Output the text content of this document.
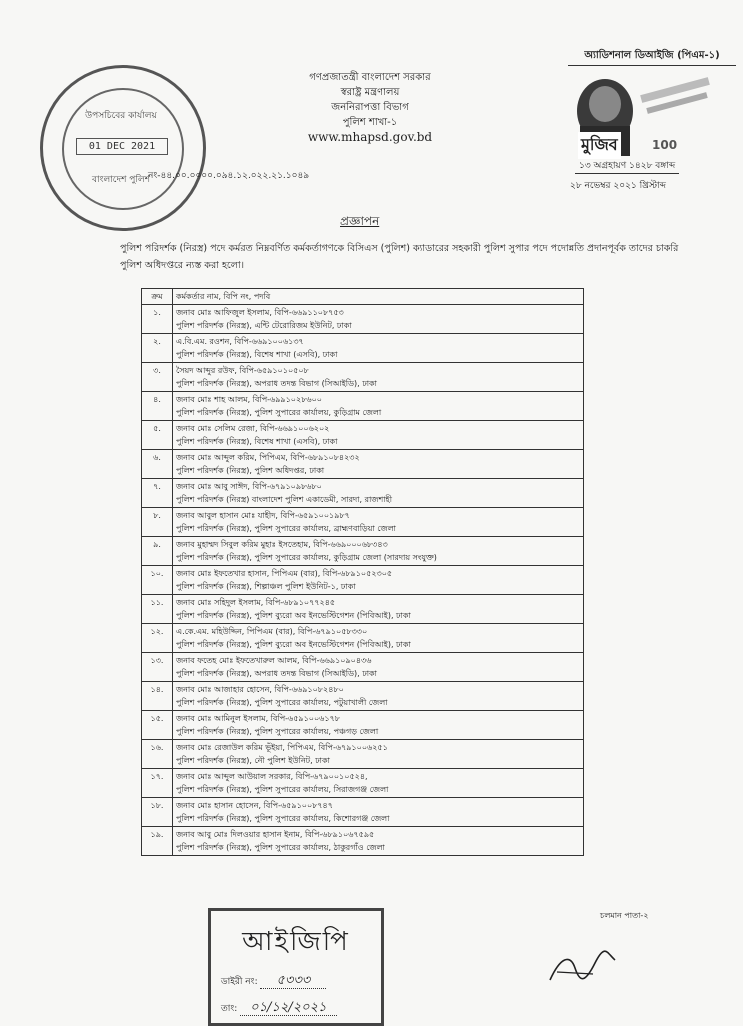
গণপ্রজাতন্ত্রী বাংলাদেশ সরকার
স্বরাষ্ট্র মন্ত্রণালয়
জননিরাপত্তা বিভাগ
পুলিশ শাখা-১
www.mhapsd.gov.bd
উপসচিবের কার্যালয়
01 DEC 2021
বাংলাদেশ পুলিশ
নং-৪৪.০০.০০০০.০৯৪.১২.০২২.২১.১০৪৯
অ্যাডিশনাল ডিআইজি (পিএম-১)
মুজিব	100
১৩ অগ্রহায়ণ ১৪২৮ বঙ্গাব্দ
২৮ নভেম্বর ২০২১ খ্রিস্টাব্দ
প্রজ্ঞাপন
পুলিশ পরিদর্শক (নিরস্ত্র) পদে কর্মরত নিম্নবর্ণিত কর্মকর্তাগণকে বিসিএস (পুলিশ) ক্যাডারের সহকারী পুলিশ সুপার পদে পদোন্নতি প্রদানপূর্বক তাদের চাকরি পুলিশ অধিদপ্তরে ন্যস্ত করা হলো।
ক্রম	কর্মকর্তার নাম, বিপি নং, পদবি
১.	জনাব মোঃ আফিজুল ইসলাম, বিপি-৬৬৯১১০৮৭৫৩
পুলিশ পরিদর্শক (নিরস্ত্র), এন্টি টেরোরিজম ইউনিট, ঢাকা

২.	এ.বি.এম. রওশন, বিপি-৬৬৯১০০৬১৩৭
পুলিশ পরিদর্শক (নিরস্ত্র), বিশেষ শাখা (এসবি), ঢাকা

৩.	সৈয়দ আব্দুর রউফ, বিপি-৬৫৯১০১০৫০৮
পুলিশ পরিদর্শক (নিরস্ত্র), অপরাধ তদন্ত বিভাগ (সিআইডি), ঢাকা

৪.	জনাব মোঃ শাহ আলম, বিপি-৬৯৯১০২৮৬০০
পুলিশ পরিদর্শক (নিরস্ত্র), পুলিশ সুপারের কার্যালয়, কুড়িগ্রাম জেলা

৫.	জনাব মোঃ সেলিম রেজা, বিপি-৬৬৯১০০৬২০২
পুলিশ পরিদর্শক (নিরস্ত্র), বিশেষ শাখা (এসবি), ঢাকা

৬.	জনাব মোঃ আব্দুল করিম, পিপিএম, বিপি-৬৮৯১০৮৪২৩২
পুলিশ পরিদর্শক (নিরস্ত্র), পুলিশ অধিদপ্তর, ঢাকা

৭.	জনাব মোঃ আবু সাঈদ, বিপি-৬৭৯১০৯৮৬৮০
পুলিশ পরিদর্শক (নিরস্ত্র) বাংলাদেশ পুলিশ একাডেমী, সারদা, রাজশাহী

৮.	জনাব আবুল হাসান মোঃ যাহীদ, বিপি-৬৫৯১০০১৯৮৭
পুলিশ পরিদর্শক (নিরস্ত্র), পুলিশ সুপারের কার্যালয়, ব্রাহ্মণবাড়িয়া জেলা

৯.	জনাব মুহাম্মদ সিবুল করিম মুহাঃ ইসতেহাম, বিপি-৬৬৯০০০৬৮৩৪৩
পুলিশ পরিদর্শক (নিরস্ত্র), পুলিশ সুপারের কার্যালয়, কুড়িগ্রাম জেলা (সারদায় সংযুক্ত)

১০.	জনাব মোঃ ইফতেখার হাসান, পিপিএম (বার), বিপি-৬৮৯১০৫২৩০৫
পুলিশ পরিদর্শক (নিরস্ত্র), শিল্পাঞ্চল পুলিশ ইউনিট-১, ঢাকা

১১.	জনাব মোঃ সহিদুল ইসলাম, বিপি-৬৮৯১০৭৭২৪৫
পুলিশ পরিদর্শক (নিরস্ত্র), পুলিশ ব্যুরো অব ইনভেস্টিগেশন (পিবিআই), ঢাকা

১২.	এ.কে.এম. মহিউদ্দিন, পিপিএম (বার), বিপি-৬৭৯১০৫৮৩৩০
পুলিশ পরিদর্শক (নিরস্ত্র), পুলিশ ব্যুরো অব ইনভেস্টিগেশন (পিবিআই), ঢাকা

১৩.	জনাব ফতেহ মোঃ ইফতেখারুল আলম, বিপি-৬৬৯১০৯০৪৩৬
পুলিশ পরিদর্শক (নিরস্ত্র), অপরাধ তদন্ত বিভাগ (সিআইডি), ঢাকা

১৪.	জনাব মোঃ আজাহার হোসেন, বিপি-৬৬৯১০৮২৪৮০
পুলিশ পরিদর্শক (নিরস্ত্র), পুলিশ সুপারের কার্যালয়, পটুয়াখালী জেলা

১৫.	জনাব মোঃ আমিনুল ইসলাম, বিপি-৬৫৯১০০৬১৭৮
পুলিশ পরিদর্শক (নিরস্ত্র), পুলিশ সুপারের কার্যালয়, পঞ্চগড় জেলা

১৬.	জনাব মোঃ রেজাউল করিম ভূঁইয়া, পিপিএম, বিপি-৬৭৯১০০৬২৫১
পুলিশ পরিদর্শক (নিরস্ত্র), নৌ পুলিশ ইউনিট, ঢাকা

১৭.	জনাব মোঃ আব্দুল আউয়াল সরকার, বিপি-৬৭৯০০১০৫২৪,
পুলিশ পরিদর্শক (নিরস্ত্র), পুলিশ সুপারের কার্যালয়, সিরাজগঞ্জ জেলা

১৮.	জনাব মোঃ হাসান হোসেন, বিপি-৬৫৯১০০৮৭৪৭
পুলিশ পরিদর্শক (নিরস্ত্র), পুলিশ সুপারের কার্যালয়, কিশোরগঞ্জ জেলা

১৯.	জনাব আবু মোঃ দিলওয়ার হাসান ইনাম, বিপি-৬৮৯১০৬৭৫৯৫
পুলিশ পরিদর্শক (নিরস্ত্র), পুলিশ সুপারের কার্যালয়, ঠাকুরগাঁও জেলা
চলমান পাতা-২
আইজিপি
ডাইরী নং: ৫৩৩৩
তাং: ০১/১২/২০২১
